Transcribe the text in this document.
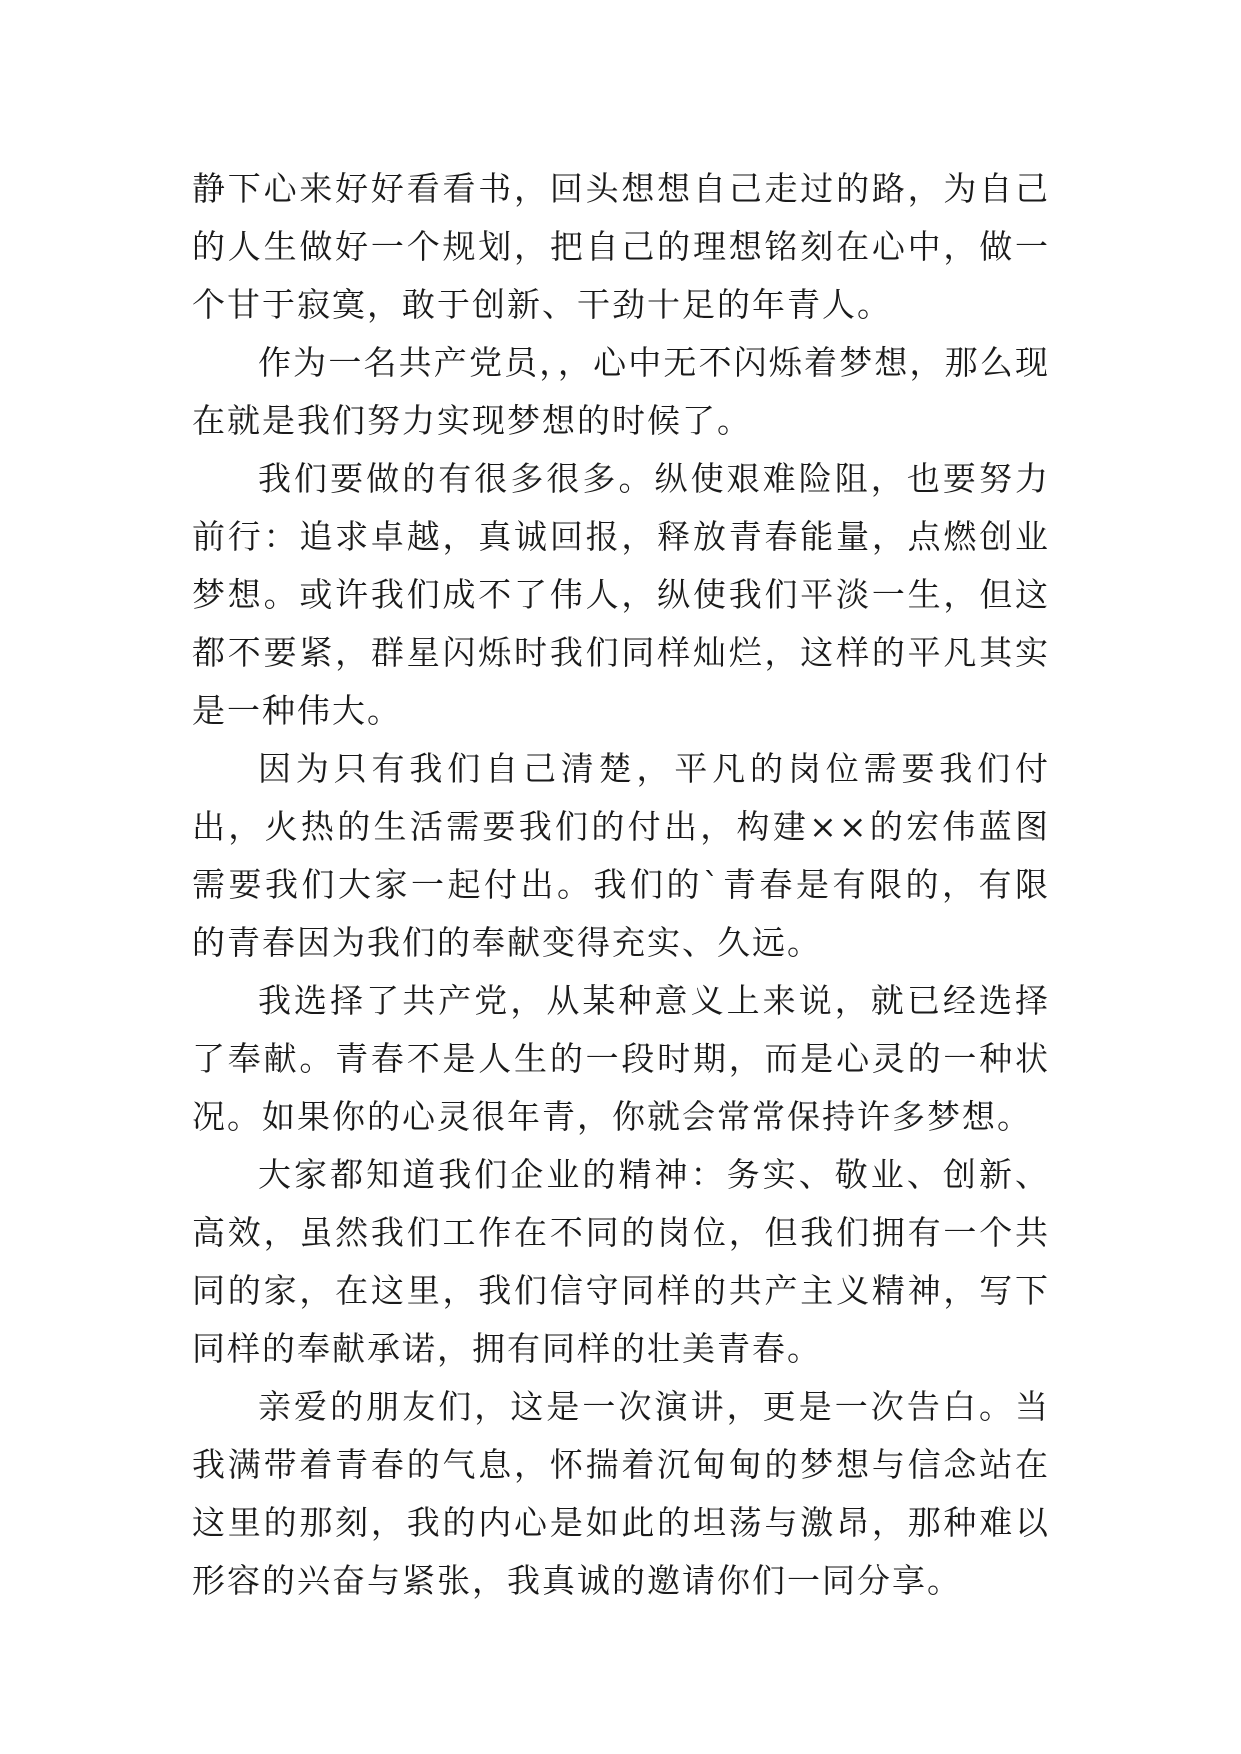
静下心来好好看看书，回头想想自己走过的路，为自己的人生做好一个规划，把自己的理想铭刻在心中，做一个甘于寂寞，敢于创新、干劲十足的年青人。

作为一名共产党员，，心中无不闪烁着梦想，那么现在就是我们努力实现梦想的时候了。

我们要做的有很多很多。纵使艰难险阻，也要努力前行：追求卓越，真诚回报，释放青春能量，点燃创业梦想。或许我们成不了伟人，纵使我们平淡一生，但这都不要紧，群星闪烁时我们同样灿烂，这样的平凡其实是一种伟大。

因为只有我们自己清楚，平凡的岗位需要我们付出，火热的生活需要我们的付出，构建××的宏伟蓝图需要我们大家一起付出。我们的`青春是有限的，有限的青春因为我们的奉献变得充实、久远。

我选择了共产党，从某种意义上来说，就已经选择了奉献。青春不是人生的一段时期，而是心灵的一种状况。如果你的心灵很年青，你就会常常保持许多梦想。

大家都知道我们企业的精神：务实、敬业、创新、高效，虽然我们工作在不同的岗位，但我们拥有一个共同的家，在这里，我们信守同样的共产主义精神，写下同样的奉献承诺，拥有同样的壮美青春。

亲爱的朋友们，这是一次演讲，更是一次告白。当我满带着青春的气息，怀揣着沉甸甸的梦想与信念站在这里的那刻，我的内心是如此的坦荡与激昂，那种难以形容的兴奋与紧张，我真诚的邀请你们一同分享。
